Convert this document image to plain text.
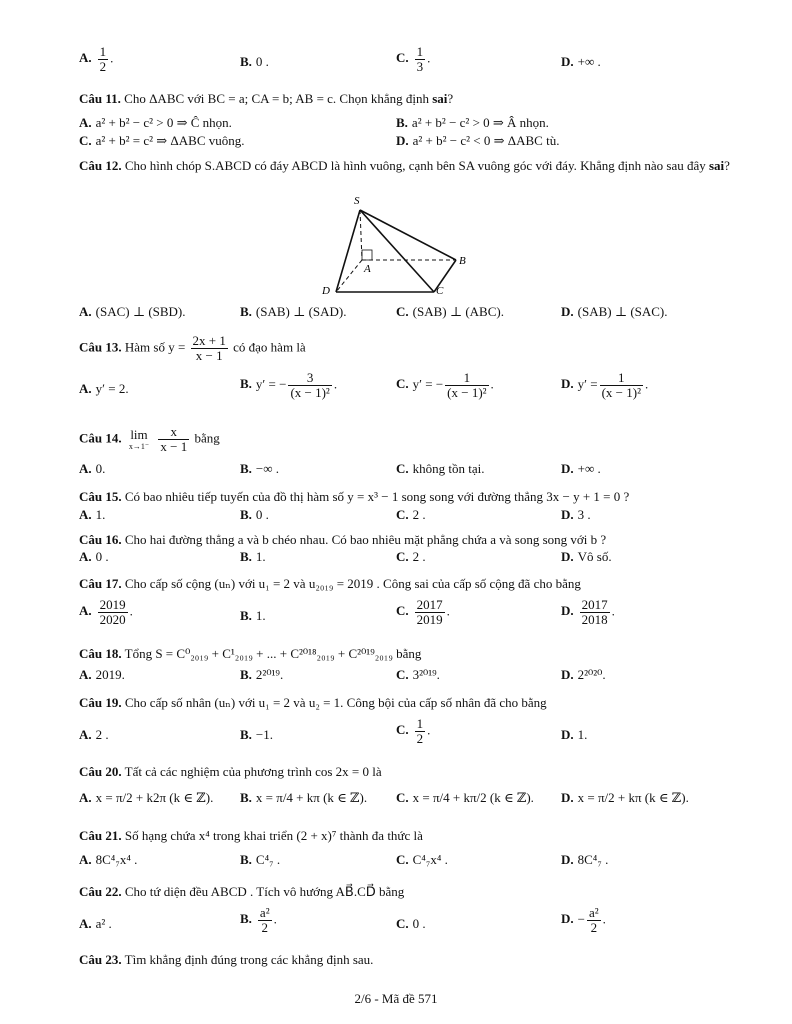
A. $\frac{1}{2}$ .	B. 0 .	C. $\frac{1}{3}$ .	D. +∞ .
Câu 11. Cho ΔABC với BC = a; CA = b; AB = c. Chọn khẳng định sai?
A. a² + b² − c² > 0 ⇒ Ĉ nhọn.	B. a² + b² − c² > 0 ⇒ Â nhọn.
C. a² + b² = c² ⇒ ΔABC vuông.	D. a² + b² − c² < 0 ⇒ ΔABC tù.
Câu 12. Cho hình chóp S.ABCD có đáy ABCD là hình vuông, cạnh bên SA vuông góc với đáy. Khẳng định nào sau đây sai?
S
A
B
C
D
A. (SAC) ⊥ (SBD).	B. (SAB) ⊥ (SAD).	C. (SAB) ⊥ (ABC).	D. (SAB) ⊥ (SAC).
Câu 13. Hàm số $y = \frac{2x + 1}{x - 1}$ có đạo hàm là
A. y′ = 2.	B. y′ = − $\frac{3}{\text{(x − 1)²}}$ .	C. y′ = − $\frac{1}{\text{(x − 1)²}}$ .	D. $y' = \frac{1}{\text{(x − 1)²}}$ .
Câu 14. lim
x→1⁻
$\frac{x}{x - 1}$ bằng
A. 0.	B. −∞ .	C. không tồn tại.	D. +∞ .
Câu 15. Có bao nhiêu tiếp tuyến của đồ thị hàm số y = x³ − 1 song song với đường thẳng 3x − y + 1 = 0 ?
A. 1.	B. 0 .	C. 2 .	D. 3 .
Câu 16. Cho hai đường thẳng a và b chéo nhau. Có bao nhiêu mặt phẳng chứa a và song song với b ?
A. 0 .	B. 1.	C. 2 .	D. Vô số.
Câu 17. Cho cấp số cộng (uₙ) với u₁ = 2 và u₂₀₁₉ = 2019 . Công sai của cấp số cộng đã cho bằng
A. $\frac{2019}{2020}$ .	B. 1.	C. $\frac{2017}{2019}$ .	D. $\frac{2017}{2018}$ .
Câu 18. Tổng S = C⁰₂₀₁₉ + C¹₂₀₁₉ + ... + C²⁰¹⁸₂₀₁₉ + C²⁰¹⁹₂₀₁₉ bằng
A. 2019.	B. 2²⁰¹⁹.	C. 3²⁰¹⁹.	D. 2²⁰²⁰.
Câu 19. Cho cấp số nhân (uₙ) với u₁ = 2 và u₂ = 1. Công bội của cấp số nhân đã cho bằng
A. 2 .	B. −1.	C. $\frac{1}{2}$ .	D. 1.
Câu 20. Tất cả các nghiệm của phương trình cos 2x = 0 là
A. x = π/2 + k2π (k ∈ ℤ). B. x = π/4 + kπ (k ∈ ℤ). C. x = π/4 + kπ/2 (k ∈ ℤ). D. x = π/2 + kπ (k ∈ ℤ).
Câu 21. Số hạng chứa x⁴ trong khai triển (2 + x)⁷ thành đa thức là
A. 8C⁴₇x⁴ .	B. C⁴₇ .	C. C⁴₇x⁴ .	D. 8C⁴₇ .
Câu 22. Cho tứ diện đều ABCD . Tích vô hướng AB⃗.CD⃗ bằng
A. a² .	B. $\frac{\text{a²}}{2}$ .	C. 0 .	D. − $\frac{\text{a²}}{2}$ .
Câu 23. Tìm khẳng định đúng trong các khẳng định sau.
2/6 - Mã đề 571
